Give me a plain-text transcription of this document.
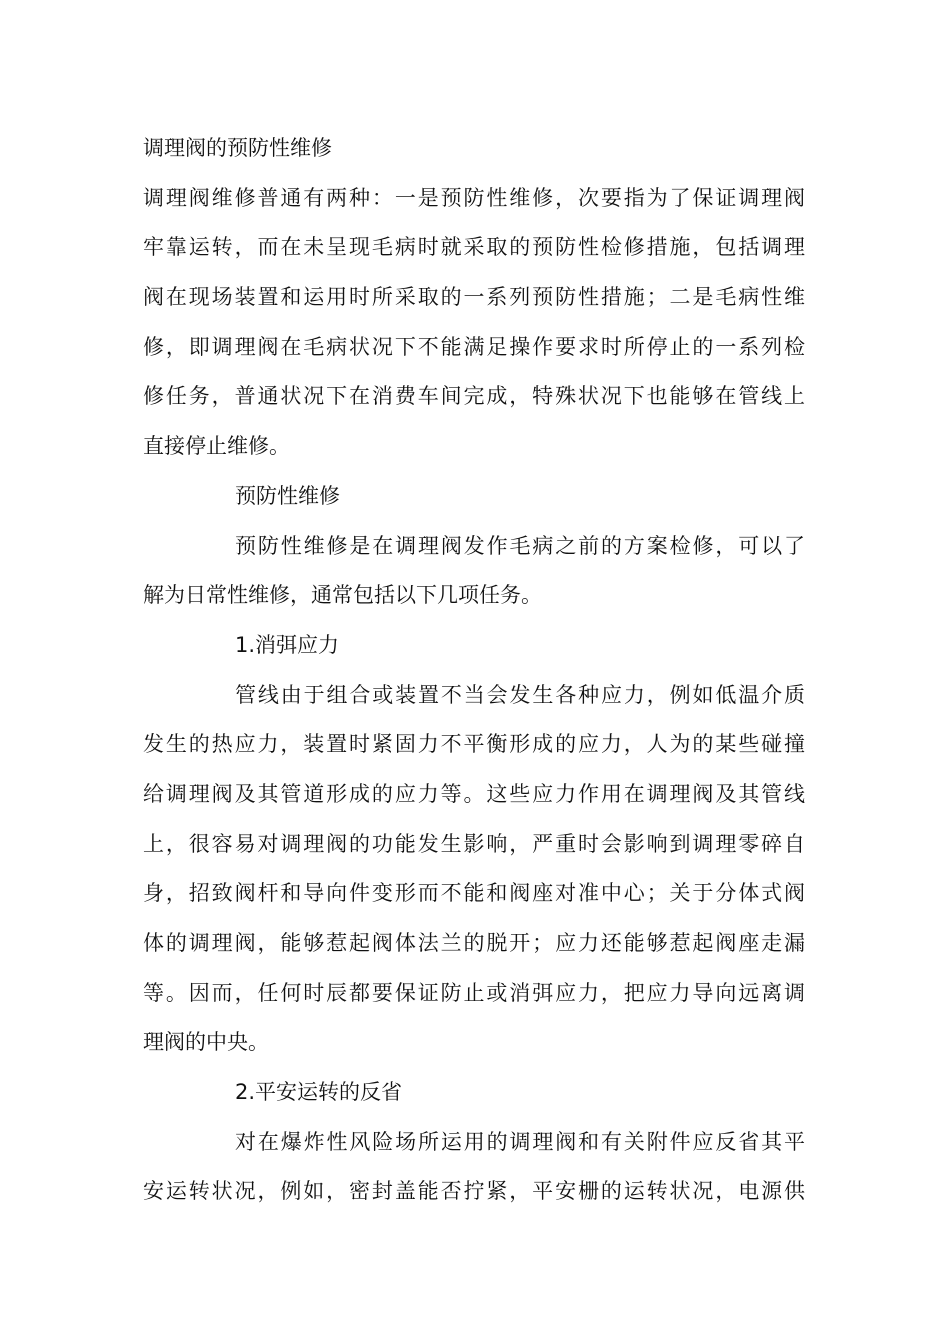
调理阀的预防性维修
调理阀维修普通有两种：一是预防性维修，次要指为了保证调理阀
牢靠运转，而在未呈现毛病时就采取的预防性检修措施，包括调理
阀在现场装置和运用时所采取的一系列预防性措施；二是毛病性维
修，即调理阀在毛病状况下不能满足操作要求时所停止的一系列检
修任务，普通状况下在消费车间完成，特殊状况下也能够在管线上
直接停止维修。
预防性维修
预防性维修是在调理阀发作毛病之前的方案检修，可以了
解为日常性维修，通常包括以下几项任务。
1.消弭应力
管线由于组合或装置不当会发生各种应力，例如低温介质
发生的热应力，装置时紧固力不平衡形成的应力，人为的某些碰撞
给调理阀及其管道形成的应力等。这些应力作用在调理阀及其管线
上，很容易对调理阀的功能发生影响，严重时会影响到调理零碎自
身，招致阀杆和导向件变形而不能和阀座对准中心；关于分体式阀
体的调理阀，能够惹起阀体法兰的脱开；应力还能够惹起阀座走漏
等。因而，任何时辰都要保证防止或消弭应力，把应力导向远离调
理阀的中央。
2.平安运转的反省
对在爆炸性风险场所运用的调理阀和有关附件应反省其平
安运转状况，例如，密封盖能否拧紧，平安栅的运转状况，电源供
